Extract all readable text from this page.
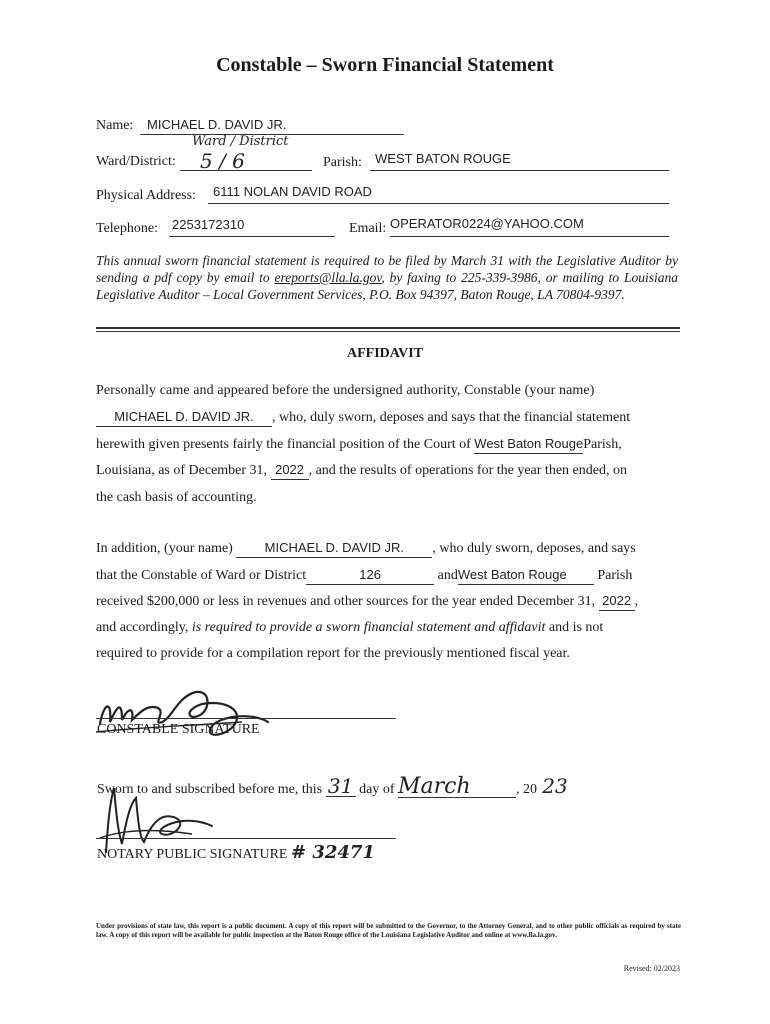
Constable – Sworn Financial Statement
Name: MICHAEL D. DAVID JR.
Ward/District:
Ward / District
5 / 6	Parish: WEST BATON ROUGE
Physical Address: 6111 NOLAN DAVID ROAD
Telephone: 2253172310	Email: OPERATOR0224@YAHOO.COM
This annual sworn financial statement is required to be filed by March 31 with the Legislative Auditor by sending a pdf copy by email to ereports@lla.la.gov, by faxing to 225-339-3986, or mailing to Louisiana Legislative Auditor – Local Government Services, P.O. Box 94397, Baton Rouge, LA 70804-9397.
AFFIDAVIT
Personally came and appeared before the undersigned authority, Constable (your name)
MICHAEL D. DAVID JR. , who, duly sworn, deposes and says that the financial statement
herewith given presents fairly the financial position of the Court of West Baton RougeParish,
Louisiana, as of December 31, 2022 , and the results of operations for the year then ended, on
the cash basis of accounting.
In addition, (your name) MICHAEL D. DAVID JR. , who duly sworn, deposes, and says
that the Constable of Ward or District	126	andWest Baton Rouge Parish
received $200,000 or less in revenues and other sources for the year ended December 31, 2022 ,
and accordingly, is required to provide a sworn financial statement and affidavit and is not
required to provide for a compilation report for the previously mentioned fiscal year.
CONSTABLE SIGNATURE
Sworn to and subscribed before me, this 31 day of March	, 20 23
NOTARY PUBLIC SIGNATURE # 32471
Under provisions of state law, this report is a public document. A copy of this report will be submitted to the Governor, to the Attorney General, and to other public officials as required by state law. A copy of this report will be available for public inspection at the Baton Rouge office of the Louisiana Legislative Auditor and online at www.lla.la.gov.
Revised: 02/2023
